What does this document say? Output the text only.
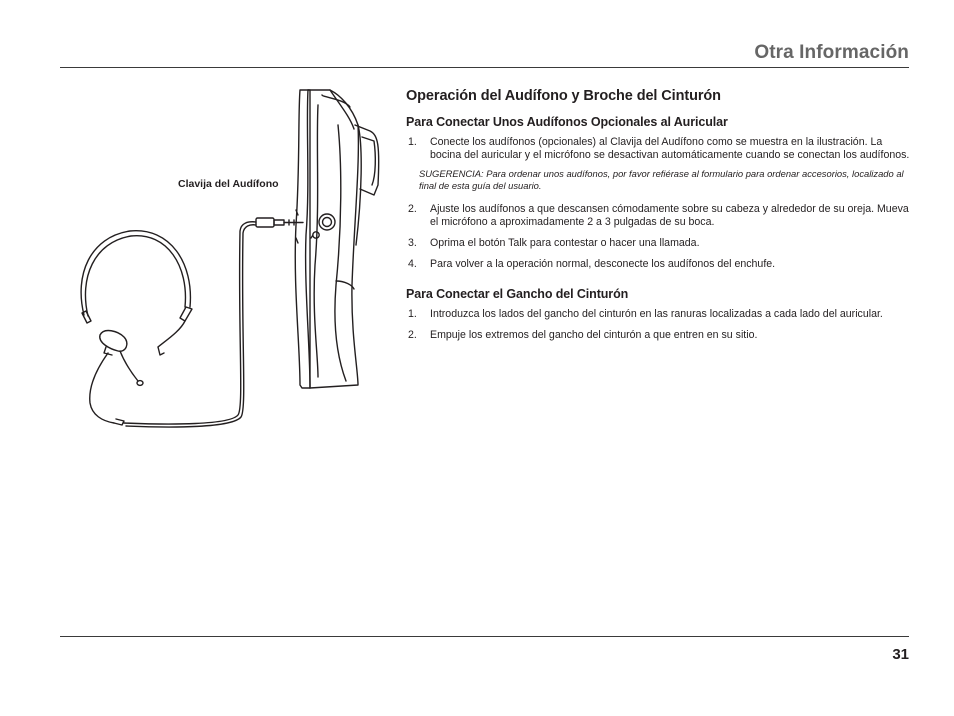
Otra Información
Clavija del Audífono
Operación del Audífono y Broche del Cinturón
Para Conectar Unos Audífonos Opcionales al Auricular
1. Conecte los audífonos (opcionales) al Clavija del Audífono como se muestra en la ilustración. La bocina del auricular y el micrófono se desactivan automáticamente cuando se conectan los audífonos.
SUGERENCIA: Para ordenar unos audífonos, por favor refiérase al formulario para ordenar accesorios, localizado al final de esta guía del usuario.
2. Ajuste los audífonos a que descansen cómodamente sobre su cabeza y alrededor de su oreja. Mueva el micrófono a aproximadamente 2 a 3 pulgadas de su boca.
3. Oprima el botón Talk para contestar o hacer una llamada.
4. Para volver a la operación normal, desconecte los audífonos del enchufe.
Para Conectar el Gancho del Cinturón
1. Introduzca los lados del gancho del cinturón en las ranuras localizadas a cada lado del auricular.
2. Empuje los extremos del gancho del cinturón a que entren en su sitio.
31
